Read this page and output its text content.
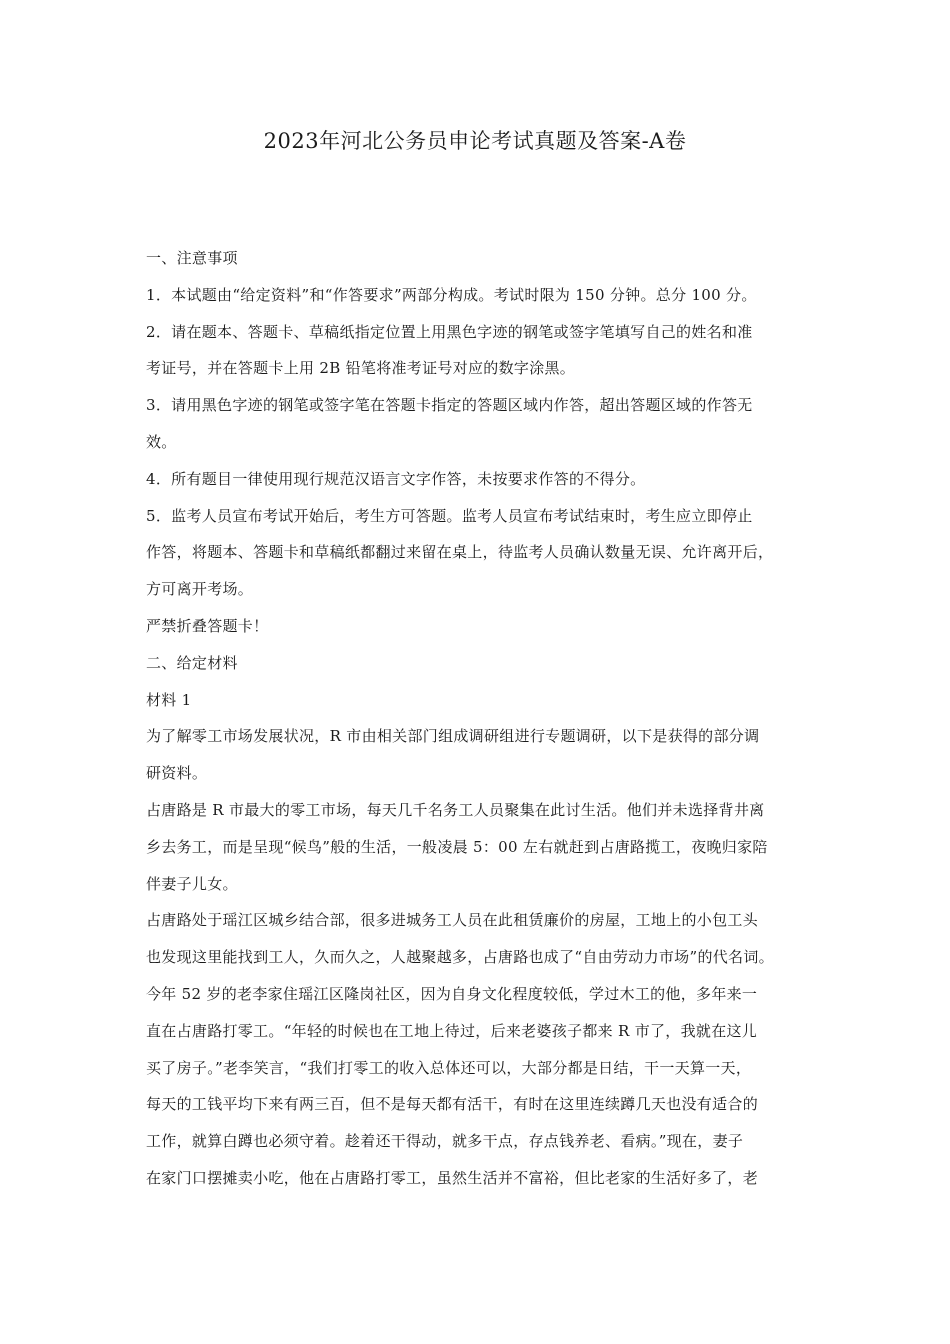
2023年河北公务员申论考试真题及答案-A卷
一、注意事项
1．本试题由“给定资料”和“作答要求”两部分构成。考试时限为 150 分钟。总分 100 分。
2．请在题本、答题卡、草稿纸指定位置上用黑色字迹的钢笔或签字笔填写自己的姓名和准
考证号，并在答题卡上用 2B 铅笔将准考证号对应的数字涂黑。
3．请用黑色字迹的钢笔或签字笔在答题卡指定的答题区域内作答，超出答题区域的作答无
效。
4．所有题目一律使用现行规范汉语言文字作答，未按要求作答的不得分。
5．监考人员宣布考试开始后，考生方可答题。监考人员宣布考试结束时，考生应立即停止
作答，将题本、答题卡和草稿纸都翻过来留在桌上，待监考人员确认数量无误、允许离开后，
方可离开考场。
严禁折叠答题卡！
二、给定材料
材料 1
为了解零工市场发展状况，R 市由相关部门组成调研组进行专题调研，以下是获得的部分调
研资料。
占唐路是 R 市最大的零工市场，每天几千名务工人员聚集在此讨生活。他们并未选择背井离
乡去务工，而是呈现“候鸟”般的生活，一般凌晨 5：00 左右就赶到占唐路揽工，夜晚归家陪
伴妻子儿女。
占唐路处于瑶江区城乡结合部，很多进城务工人员在此租赁廉价的房屋，工地上的小包工头
也发现这里能找到工人，久而久之，人越聚越多，占唐路也成了“自由劳动力市场”的代名词。
今年 52 岁的老李家住瑶江区隆岗社区，因为自身文化程度较低，学过木工的他，多年来一
直在占唐路打零工。“年轻的时候也在工地上待过，后来老婆孩子都来 R 市了，我就在这儿
买了房子。”老李笑言，“我们打零工的收入总体还可以，大部分都是日结，干一天算一天，
每天的工钱平均下来有两三百，但不是每天都有活干，有时在这里连续蹲几天也没有适合的
工作，就算白蹲也必须守着。趁着还干得动，就多干点，存点钱养老、看病。”现在，妻子
在家门口摆摊卖小吃，他在占唐路打零工，虽然生活并不富裕，但比老家的生活好多了，老
